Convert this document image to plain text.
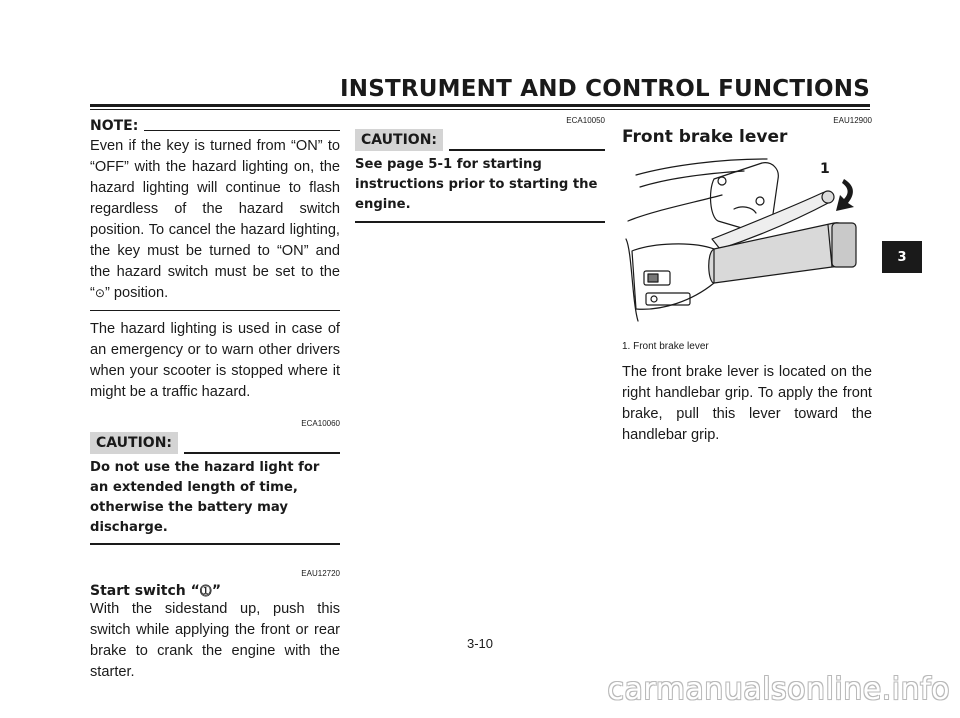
INSTRUMENT AND CONTROL FUNCTIONS
NOTE:

Even if the key is turned from “ON” to “OFF” with the hazard lighting on, the hazard lighting will continue to flash regardless of the hazard switch position. To cancel the hazard lighting, the key must be turned to “ON” and the hazard switch must be set to the “⊙” position.

The hazard lighting is used in case of an emergency or to warn other drivers when your scooter is stopped where it might be a traffic hazard.

ECA10060
CAUTION:

Do not use the hazard light for an extended length of time, otherwise the battery may discharge.

EAU12720

Start switch “⓵”

With the sidestand up, push this switch while applying the front or rear brake to crank the engine with the starter.

ECA10050
CAUTION:

See page 5-1 for starting instructions prior to starting the engine.

EAU12900

Front brake lever

1

1. Front brake lever

The front brake lever is located on the right handlebar grip. To apply the front brake, pull this lever toward the handlebar grip.

3
3-10
carmanualsonline.info
